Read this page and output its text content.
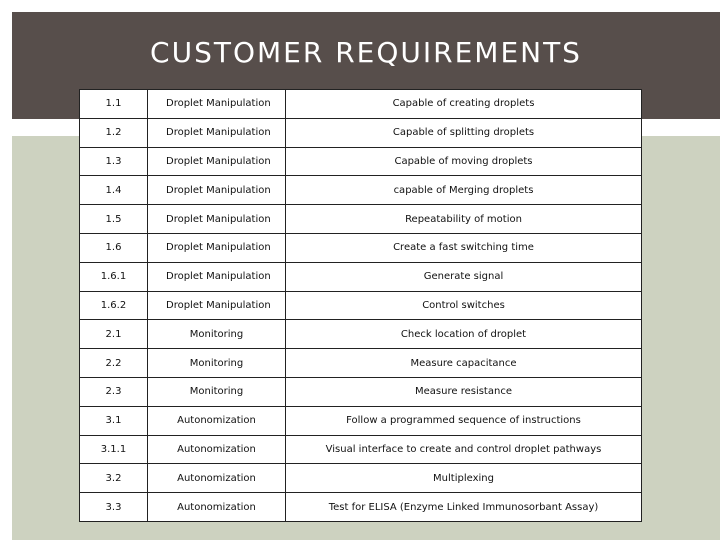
CUSTOMER REQUIREMENTS
1.1	Droplet Manipulation	Capable of creating droplets
1.2	Droplet Manipulation	Capable of splitting droplets
1.3	Droplet Manipulation	Capable of moving droplets
1.4	Droplet Manipulation	capable of Merging droplets
1.5	Droplet Manipulation	Repeatability of motion
1.6	Droplet Manipulation	Create a fast switching time
1.6.1	Droplet Manipulation	Generate signal
1.6.2	Droplet Manipulation	Control switches
2.1	Monitoring	Check location of droplet
2.2	Monitoring	Measure capacitance
2.3	Monitoring	Measure resistance
3.1	Autonomization	Follow a programmed sequence of instructions
3.1.1	Autonomization	Visual interface to create and control droplet pathways
3.2	Autonomization	Multiplexing
3.3	Autonomization	Test for ELISA (Enzyme Linked Immunosorbant Assay)
